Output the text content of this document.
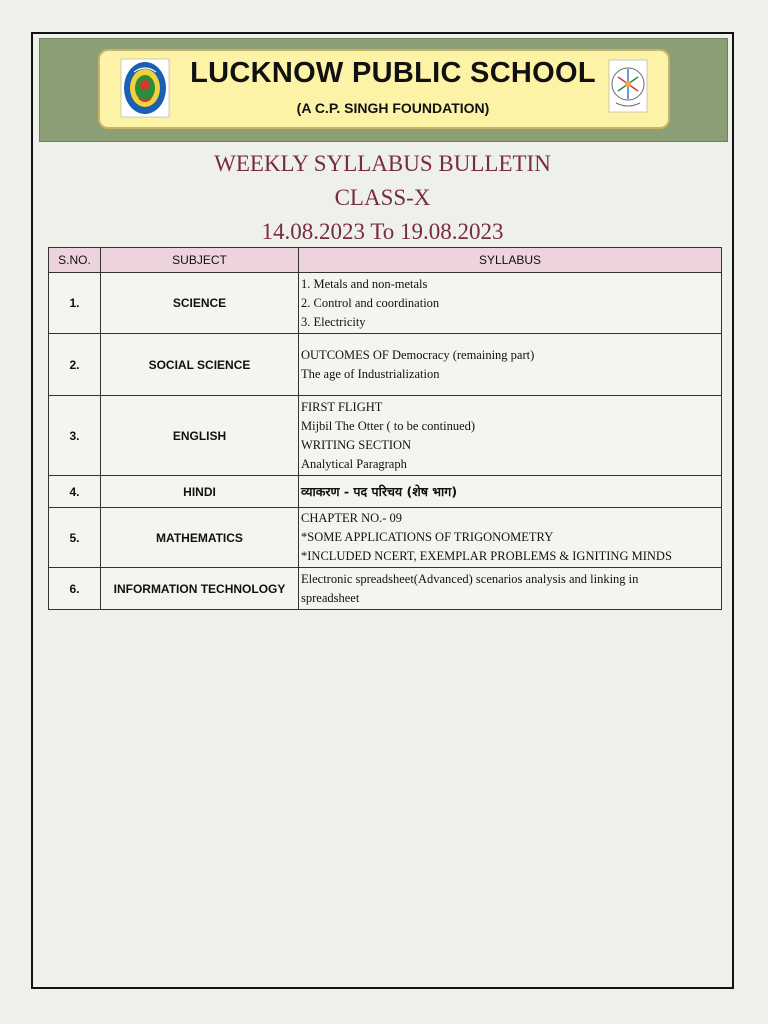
LUCKNOW PUBLIC SCHOOL
(A C.P. SINGH FOUNDATION)
WEEKLY SYLLABUS BULLETIN
CLASS-X
14.08.2023 To 19.08.2023
S.NO.	SUBJECT	SYLLABUS
1.	SCIENCE	1. Metals and non-metals
2. Control and coordination
3. Electricity

2.	SOCIAL SCIENCE	OUTCOMES OF Democracy (remaining part)
The age of Industrialization

3.	ENGLISH	FIRST FLIGHT
Mijbil The Otter ( to be continued)
WRITING SECTION
Analytical Paragraph

4.	HINDI	व्याकरण - पद परिचय (शेष भाग)

5.	MATHEMATICS	CHAPTER NO.- 09
*SOME APPLICATIONS OF TRIGONOMETRY
*INCLUDED NCERT, EXEMPLAR PROBLEMS & IGNITING MINDS

6.	INFORMATION TECHNOLOGY	Electronic spreadsheet(Advanced) scenarios analysis and linking in
spreadsheet
